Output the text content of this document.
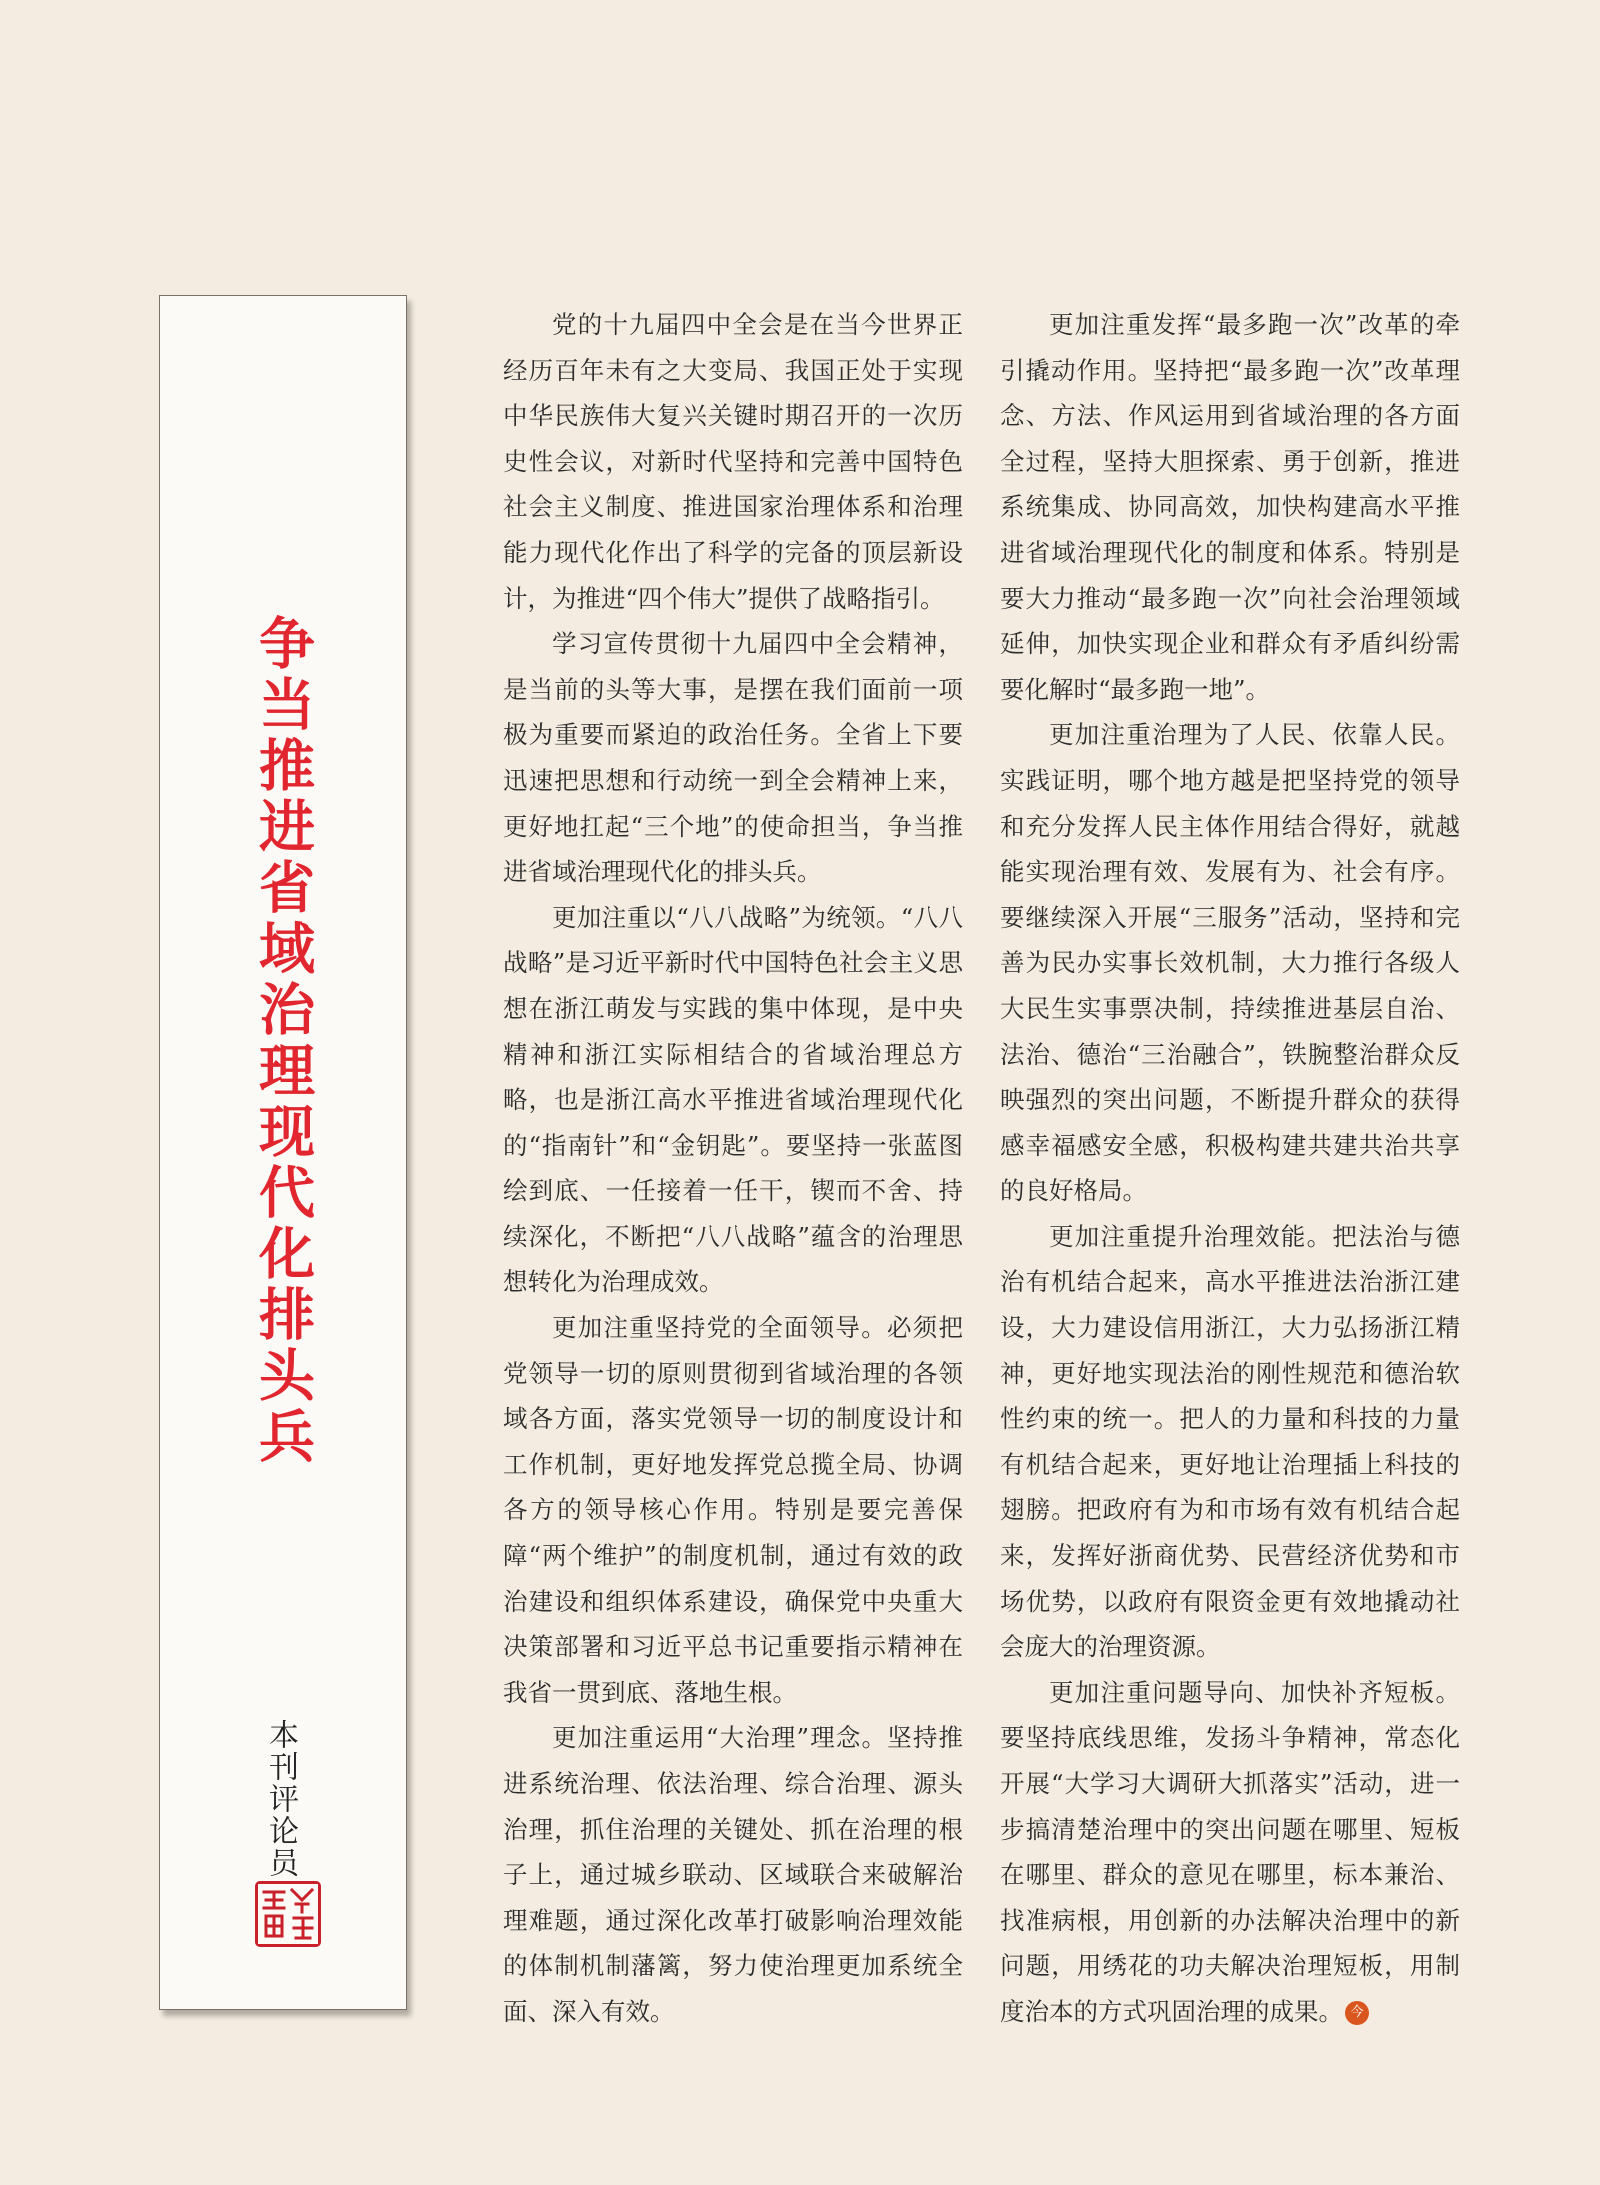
争当推进省域治理现代化排头兵
本刊评论员

党的十九届四中全会是在当今世界正经历百年未有之大变局、我国正处于实现中华民族伟大复兴关键时期召开的一次历史性会议，对新时代坚持和完善中国特色社会主义制度、推进国家治理体系和治理能力现代化作出了科学的完备的顶层新设计，为推进“四个伟大”提供了战略指引。

学习宣传贯彻十九届四中全会精神，是当前的头等大事，是摆在我们面前一项极为重要而紧迫的政治任务。全省上下要迅速把思想和行动统一到全会精神上来，更好地扛起“三个地”的使命担当，争当推进省域治理现代化的排头兵。

更加注重以“八八战略”为统领。“八八战略”是习近平新时代中国特色社会主义思想在浙江萌发与实践的集中体现，是中央精神和浙江实际相结合的省域治理总方略，也是浙江高水平推进省域治理现代化的“指南针”和“金钥匙”。要坚持一张蓝图绘到底、一任接着一任干，锲而不舍、持续深化，不断把“八八战略”蕴含的治理思想转化为治理成效。

更加注重坚持党的全面领导。必须把党领导一切的原则贯彻到省域治理的各领域各方面，落实党领导一切的制度设计和工作机制，更好地发挥党总揽全局、协调各方的领导核心作用。特别是要完善保障“两个维护”的制度机制，通过有效的政治建设和组织体系建设，确保党中央重大决策部署和习近平总书记重要指示精神在我省一贯到底、落地生根。

更加注重运用“大治理”理念。坚持推进系统治理、依法治理、综合治理、源头治理，抓住治理的关键处、抓在治理的根子上，通过城乡联动、区域联合来破解治理难题，通过深化改革打破影响治理效能的体制机制藩篱，努力使治理更加系统全面、深入有效。

更加注重发挥“最多跑一次”改革的牵引撬动作用。坚持把“最多跑一次”改革理念、方法、作风运用到省域治理的各方面全过程，坚持大胆探索、勇于创新，推进系统集成、协同高效，加快构建高水平推进省域治理现代化的制度和体系。特别是要大力推动“最多跑一次”向社会治理领域延伸，加快实现企业和群众有矛盾纠纷需要化解时“最多跑一地”。

更加注重治理为了人民、依靠人民。实践证明，哪个地方越是把坚持党的领导和充分发挥人民主体作用结合得好，就越能实现治理有效、发展有为、社会有序。要继续深入开展“三服务”活动，坚持和完善为民办实事长效机制，大力推行各级人大民生实事票决制，持续推进基层自治、法治、德治“三治融合”，铁腕整治群众反映强烈的突出问题，不断提升群众的获得感幸福感安全感，积极构建共建共治共享的良好格局。

更加注重提升治理效能。把法治与德治有机结合起来，高水平推进法治浙江建设，大力建设信用浙江，大力弘扬浙江精神，更好地实现法治的刚性规范和德治软性约束的统一。把人的力量和科技的力量有机结合起来，更好地让治理插上科技的翅膀。把政府有为和市场有效有机结合起来，发挥好浙商优势、民营经济优势和市场优势，以政府有限资金更有效地撬动社会庞大的治理资源。

更加注重问题导向、加快补齐短板。要坚持底线思维，发扬斗争精神，常态化开展“大学习大调研大抓落实”活动，进一步搞清楚治理中的突出问题在哪里、短板在哪里、群众的意见在哪里，标本兼治、找准病根，用创新的办法解决治理中的新问题，用绣花的功夫解决治理短板，用制度治本的方式巩固治理的成果。 今
